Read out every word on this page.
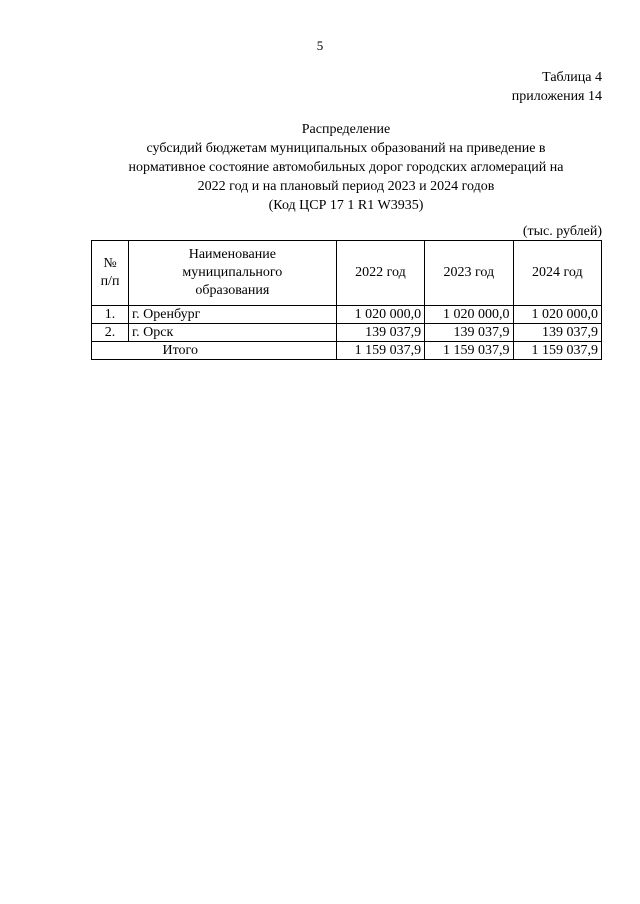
5
Таблица 4
приложения 14
Распределение
субсидий бюджетам муниципальных образований на приведение в
нормативное состояние автомобильных дорог городских агломераций на
2022 год и на плановый период 2023 и 2024 годов
(Код ЦСР 17 1 R1 W3935)
(тыс. рублей)
№
п/п	Наименование муниципального образования	2022 год	2023 год	2024 год
1.	г. Оренбург	1 020 000,0	1 020 000,0	1 020 000,0
2.	г. Орск	139 037,9	139 037,9	139 037,9
	Итого	1 159 037,9	1 159 037,9	1 159 037,9
